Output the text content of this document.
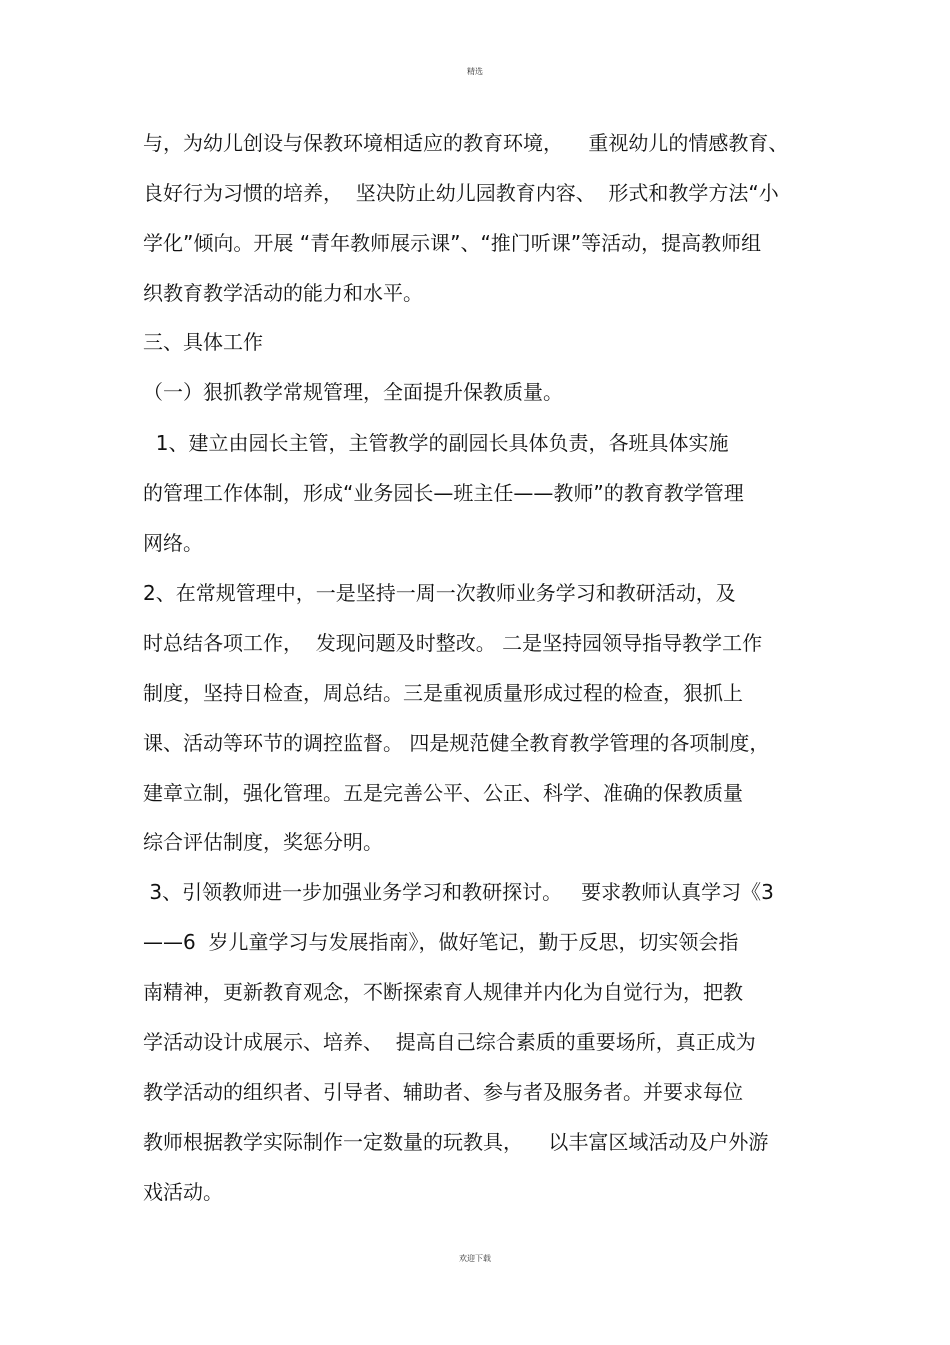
精选
与，为幼儿创设与保教环境相适应的教育环境，    重视幼儿的情感教育、
良好行为习惯的培养，  坚决防止幼儿园教育内容、  形式和教学方法“小
学化”倾向。开展 “青年教师展示课”、“推门听课”等活动，提高教师组
织教育教学活动的能力和水平。
三、具体工作
（一）狠抓教学常规管理，全面提升保教质量。
1、建立由园长主管，主管教学的副园长具体负责，各班具体实施
的管理工作体制，形成“业务园长—班主任——教师”的教育教学管理
网络。
2、在常规管理中，一是坚持一周一次教师业务学习和教研活动，及
时总结各项工作，  发现问题及时整改。 二是坚持园领导指导教学工作
制度，坚持日检查，周总结。三是重视质量形成过程的检查，狠抓上
课、活动等环节的调控监督。 四是规范健全教育教学管理的各项制度，
建章立制，强化管理。五是完善公平、公正、科学、准确的保教质量
综合评估制度，奖惩分明。
3、引领教师进一步加强业务学习和教研探讨。   要求教师认真学习《3
——6  岁儿童学习与发展指南》，做好笔记，勤于反思，切实领会指
南精神，更新教育观念，不断探索育人规律并内化为自觉行为，把教
学活动设计成展示、培养、  提高自己综合素质的重要场所，真正成为
教学活动的组织者、引导者、辅助者、参与者及服务者。并要求每位
教师根据教学实际制作一定数量的玩教具，    以丰富区域活动及户外游
戏活动。
欢迎下载
